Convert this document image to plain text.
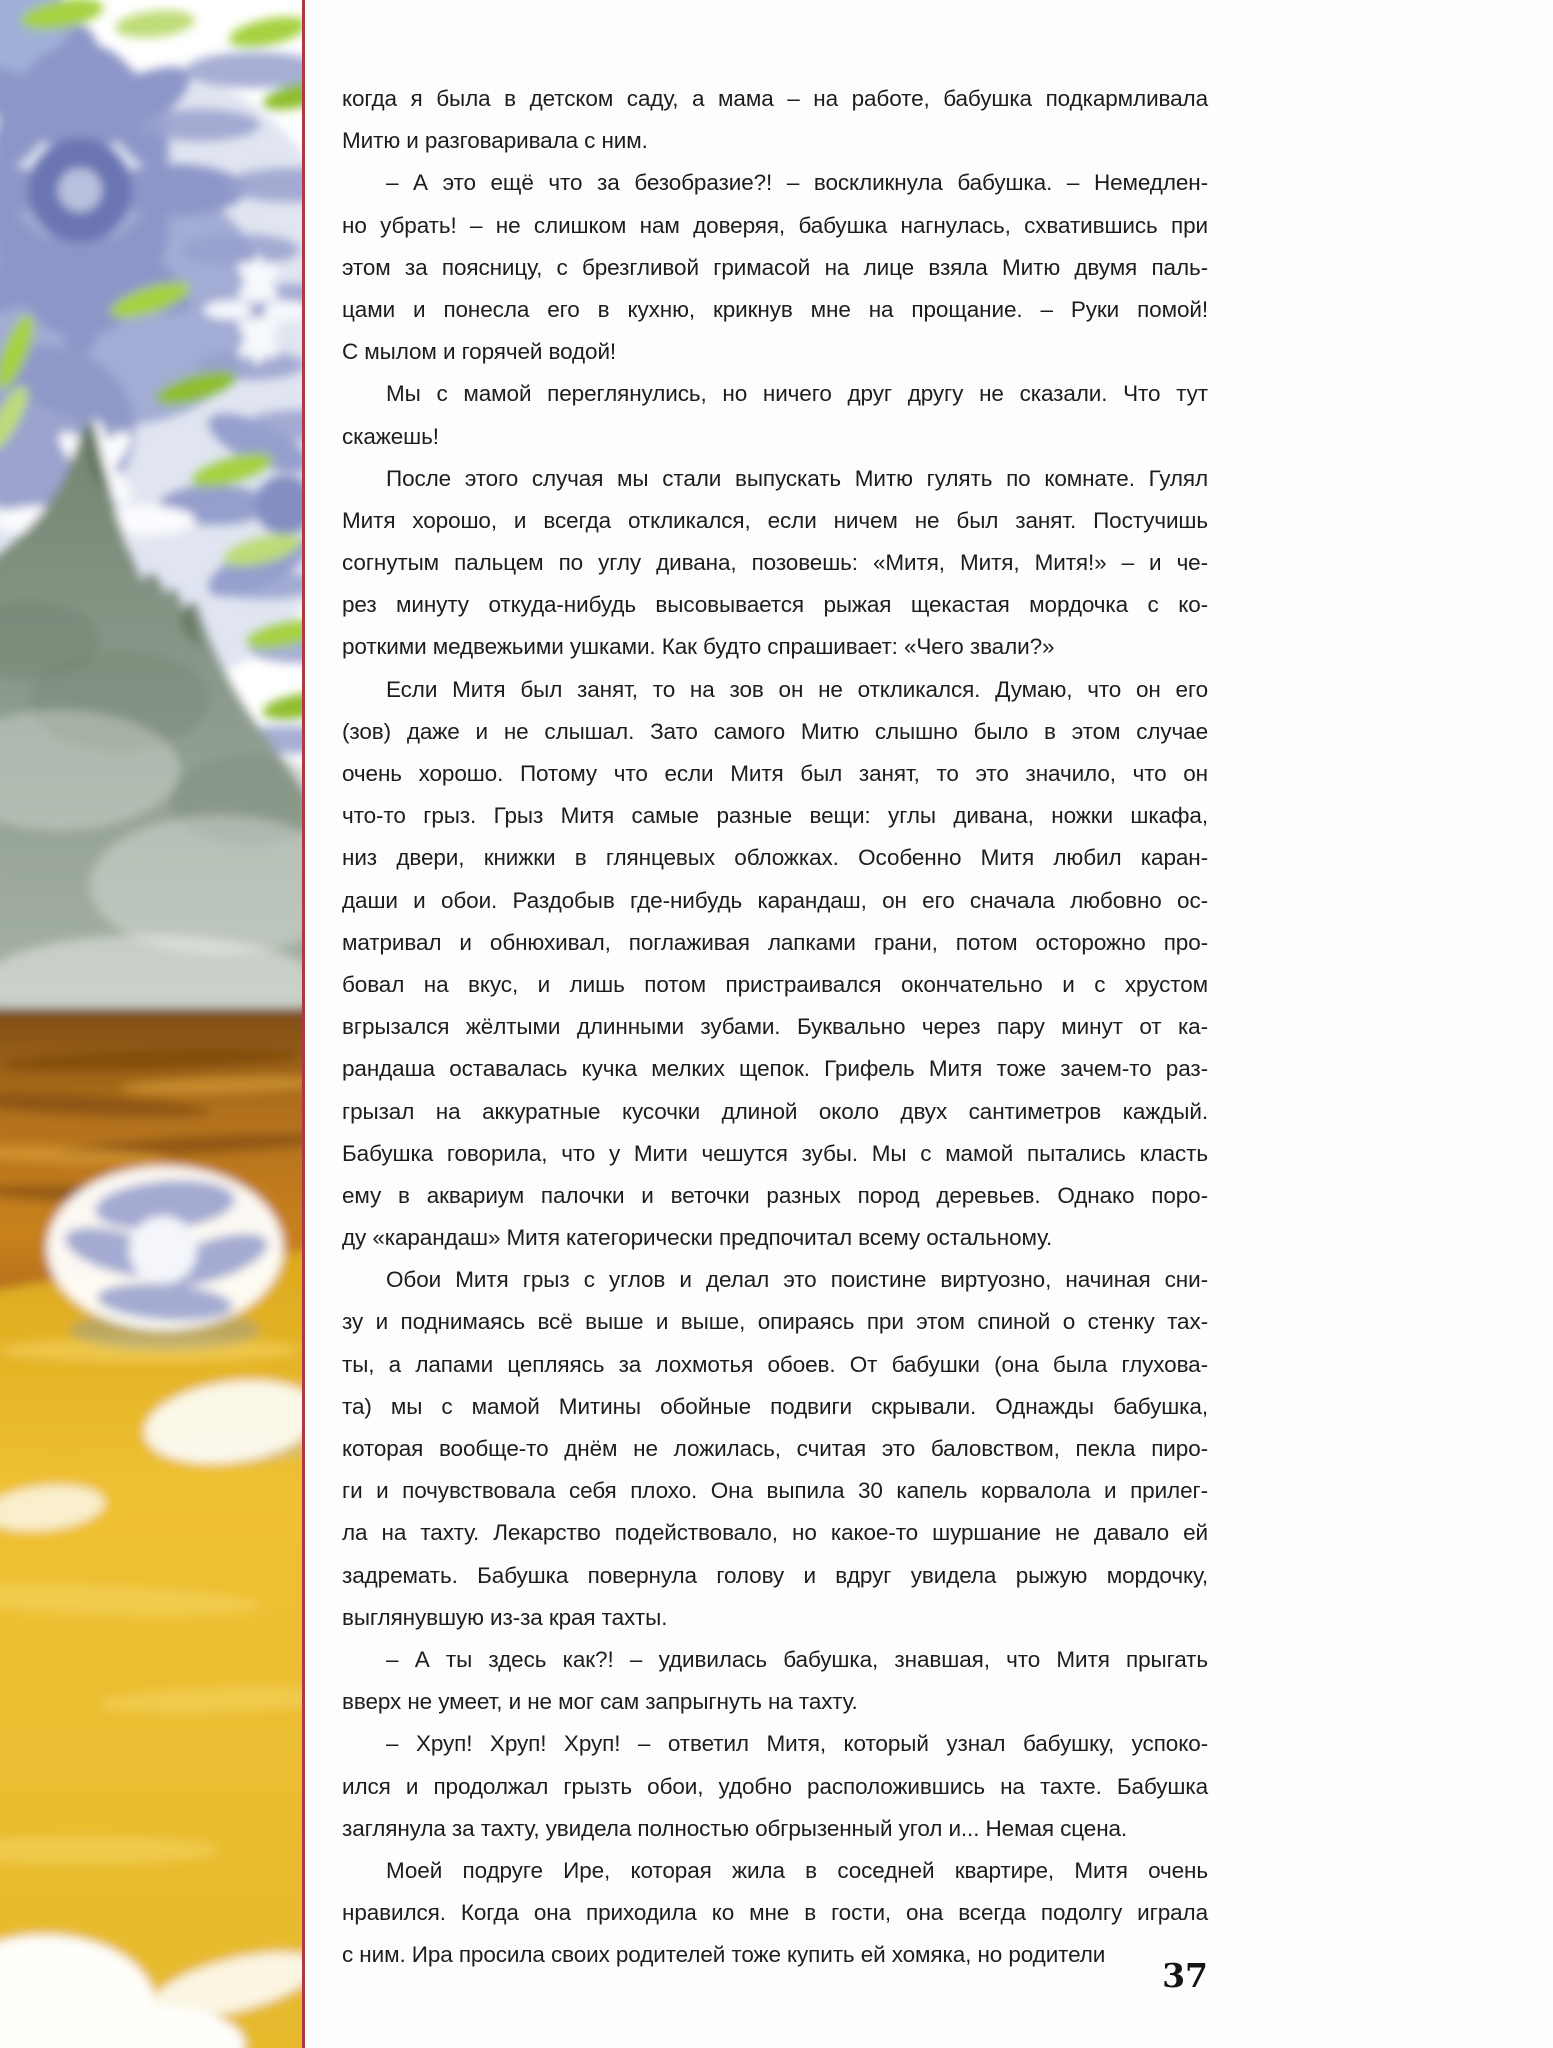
когда я была в детском саду, а мама – на работе, бабушка подкармливала
Митю и разговаривала с ним.
– А это ещё что за безобразие?! – воскликнула бабушка. – Немедлен-
но убрать! – не слишком нам доверяя, бабушка нагнулась, схватившись при
этом за поясницу, с брезгливой гримасой на лице взяла Митю двумя паль-
цами и понесла его в кухню, крикнув мне на прощание. – Руки помой!
С мылом и горячей водой!
Мы с мамой переглянулись, но ничего друг другу не сказали. Что тут
скажешь!
После этого случая мы стали выпускать Митю гулять по комнате. Гулял
Митя хорошо, и всегда откликался, если ничем не был занят. Постучишь
согнутым пальцем по углу дивана, позовешь: «Митя, Митя, Митя!» – и че-
рез минуту откуда-нибудь высовывается рыжая щекастая мордочка с ко-
роткими медвежьими ушками. Как будто спрашивает: «Чего звали?»
Если Митя был занят, то на зов он не откликался. Думаю, что он его
(зов) даже и не слышал. Зато самого Митю слышно было в этом случае
очень хорошо. Потому что если Митя был занят, то это значило, что он
что-то грыз. Грыз Митя самые разные вещи: углы дивана, ножки шкафа,
низ двери, книжки в глянцевых обложках. Особенно Митя любил каран-
даши и обои. Раздобыв где-нибудь карандаш, он его сначала любовно ос-
матривал и обнюхивал, поглаживая лапками грани, потом осторожно про-
бовал на вкус, и лишь потом пристраивался окончательно и с хрустом
вгрызался жёлтыми длинными зубами. Буквально через пару минут от ка-
рандаша оставалась кучка мелких щепок. Грифель Митя тоже зачем-то раз-
грызал на аккуратные кусочки длиной около двух сантиметров каждый.
Бабушка говорила, что у Мити чешутся зубы. Мы с мамой пытались класть
ему в аквариум палочки и веточки разных пород деревьев. Однако поро-
ду «карандаш» Митя категорически предпочитал всему остальному.
Обои Митя грыз с углов и делал это поистине виртуозно, начиная сни-
зу и поднимаясь всё выше и выше, опираясь при этом спиной о стенку тах-
ты, а лапами цепляясь за лохмотья обоев. От бабушки (она была глухова-
та) мы с мамой Митины обойные подвиги скрывали. Однажды бабушка,
которая вообще-то днём не ложилась, считая это баловством, пекла пиро-
ги и почувствовала себя плохо. Она выпила 30 капель корвалола и прилег-
ла на тахту. Лекарство подействовало, но какое-то шуршание не давало ей
задремать. Бабушка повернула голову и вдруг увидела рыжую мордочку,
выглянувшую из-за края тахты.
– А ты здесь как?! – удивилась бабушка, знавшая, что Митя прыгать
вверх не умеет, и не мог сам запрыгнуть на тахту.
– Хруп! Хруп! Хруп! – ответил Митя, который узнал бабушку, успоко-
ился и продолжал грызть обои, удобно расположившись на тахте. Бабушка
заглянула за тахту, увидела полностью обгрызенный угол и... Немая сцена.
Моей подруге Ире, которая жила в соседней квартире, Митя очень
нравился. Когда она приходила ко мне в гости, она всегда подолгу играла
с ним. Ира просила своих родителей тоже купить ей хомяка, но родители
37
